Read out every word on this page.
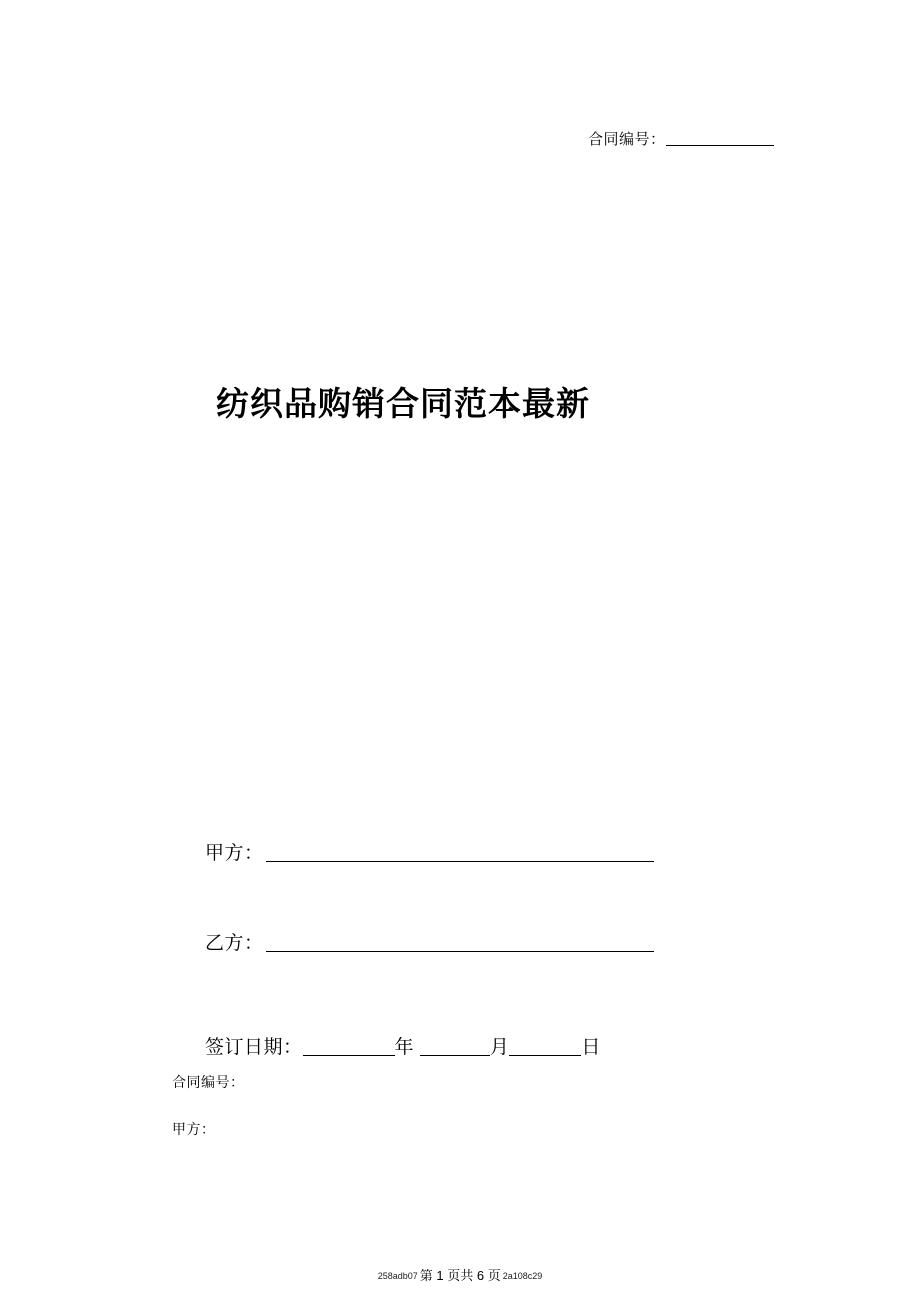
合同编号：
纺织品购销合同范本最新
甲方：
乙方：
签订日期：	年	月	日
合同编号：
甲方：
258adb07 第 1 页共 6 页 2a108c29
